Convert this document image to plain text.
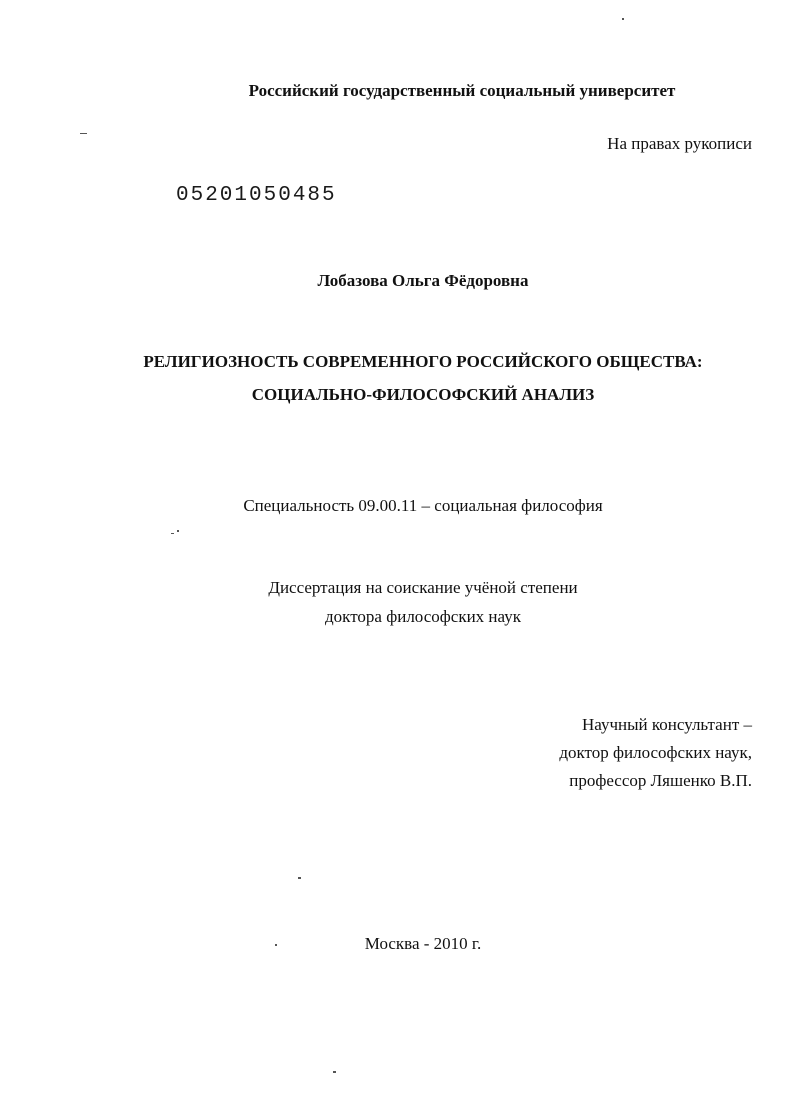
Российский государственный социальный университет
На правах рукописи
05201050485
Лобазова Ольга Фёдоровна
РЕЛИГИОЗНОСТЬ СОВРЕМЕННОГО РОССИЙСКОГО ОБЩЕСТВА:
СОЦИАЛЬНО-ФИЛОСОФСКИЙ АНАЛИЗ
Специальность 09.00.11 – социальная философия
Диссертация на соискание учёной степени
доктора философских наук
Научный консультант –
доктор философских наук,
профессор Ляшенко В.П.
Москва - 2010 г.
